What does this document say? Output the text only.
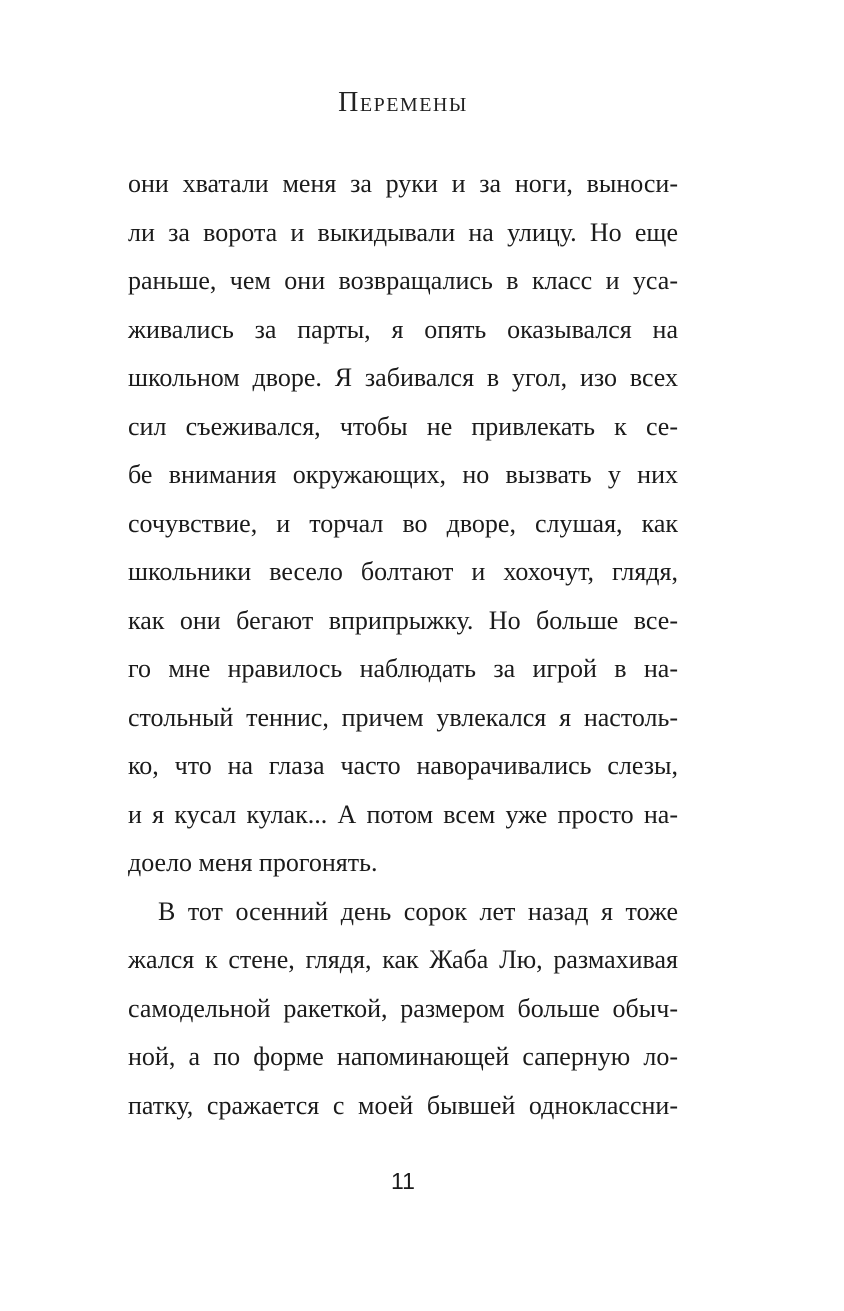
Перемены
они хватали меня за руки и за ноги, выноси-
ли за ворота и выкидывали на улицу. Но еще
раньше, чем они возвращались в класс и уса-
живались за парты, я опять оказывался на
школьном дворе. Я забивался в угол, изо всех
сил съеживался, чтобы не привлекать к се-
бе внимания окружающих, но вызвать у них
сочувствие, и торчал во дворе, слушая, как
школьники весело болтают и хохочут, глядя,
как они бегают вприпрыжку. Но больше все-
го мне нравилось наблюдать за игрой в на-
стольный теннис, причем увлекался я настоль-
ко, что на глаза часто наворачивались слезы,
и я кусал кулак... А потом всем уже просто на-
доело меня прогонять.
В тот осенний день сорок лет назад я тоже
жался к стене, глядя, как Жаба Лю, размахивая
самодельной ракеткой, размером больше обыч-
ной, а по форме напоминающей саперную ло-
патку, сражается с моей бывшей одноклассни-
11
